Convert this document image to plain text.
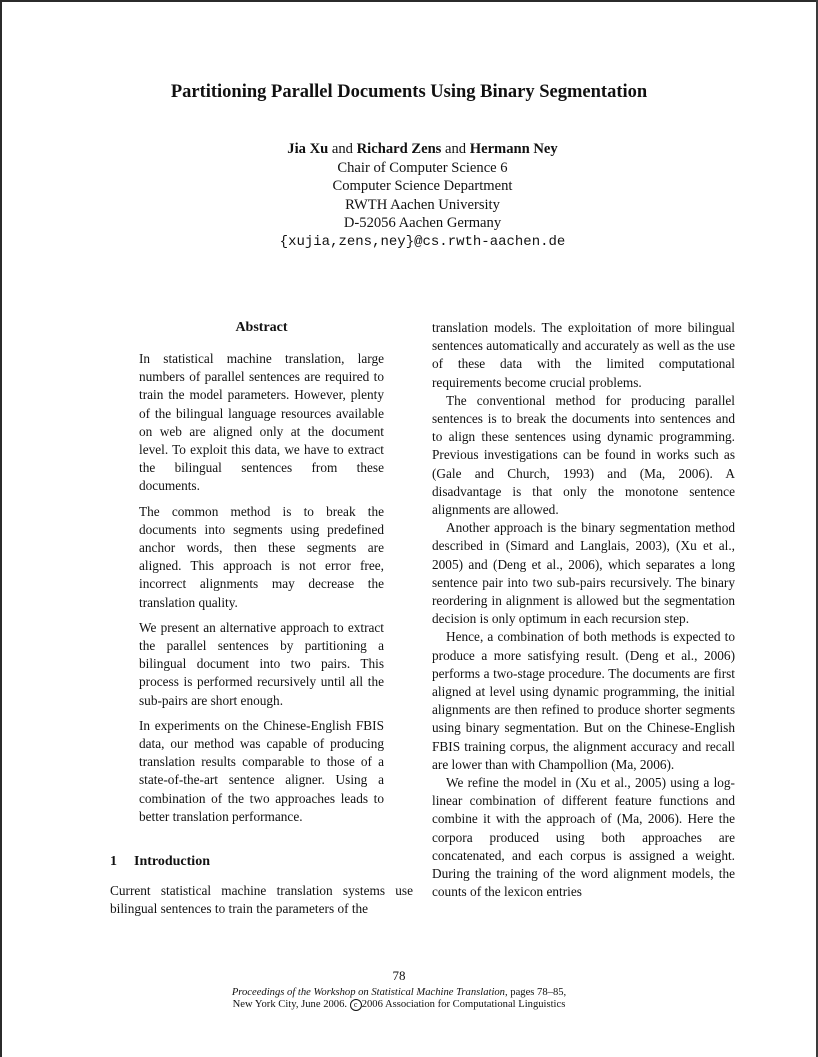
Partitioning Parallel Documents Using Binary Segmentation
Jia Xu and Richard Zens and Hermann Ney
Chair of Computer Science 6
Computer Science Department
RWTH Aachen University
D-52056 Aachen Germany
{xujia,zens,ney}@cs.rwth-aachen.de
Abstract

In statistical machine translation, large numbers of parallel sentences are required to train the model parameters. However, plenty of the bilingual language resources available on web are aligned only at the document level. To exploit this data, we have to extract the bilingual sentences from these documents.

The common method is to break the documents into segments using predefined anchor words, then these segments are aligned. This approach is not error free, incorrect alignments may decrease the translation quality.

We present an alternative approach to extract the parallel sentences by partitioning a bilingual document into two pairs. This process is performed recursively until all the sub-pairs are short enough.

In experiments on the Chinese-English FBIS data, our method was capable of producing translation results comparable to those of a state-of-the-art sentence aligner. Using a combination of the two approaches leads to better translation performance.

1 Introduction

Current statistical machine translation systems use bilingual sentences to train the parameters of the

translation models. The exploitation of more bilingual sentences automatically and accurately as well as the use of these data with the limited computational requirements become crucial problems.

The conventional method for producing parallel sentences is to break the documents into sentences and to align these sentences using dynamic programming. Previous investigations can be found in works such as (Gale and Church, 1993) and (Ma, 2006). A disadvantage is that only the monotone sentence alignments are allowed.

Another approach is the binary segmentation method described in (Simard and Langlais, 2003), (Xu et al., 2005) and (Deng et al., 2006), which separates a long sentence pair into two sub-pairs recursively. The binary reordering in alignment is allowed but the segmentation decision is only optimum in each recursion step.

Hence, a combination of both methods is expected to produce a more satisfying result. (Deng et al., 2006) performs a two-stage procedure. The documents are first aligned at level using dynamic programming, the initial alignments are then refined to produce shorter segments using binary segmentation. But on the Chinese-English FBIS training corpus, the alignment accuracy and recall are lower than with Champollion (Ma, 2006).

We refine the model in (Xu et al., 2005) using a log-linear combination of different feature functions and combine it with the approach of (Ma, 2006). Here the corpora produced using both approaches are concatenated, and each corpus is assigned a weight. During the training of the word alignment models, the counts of the lexicon entries

78
Proceedings of the Workshop on Statistical Machine Translation, pages 78–85,
New York City, June 2006. c 2006 Association for Computational Linguistics
